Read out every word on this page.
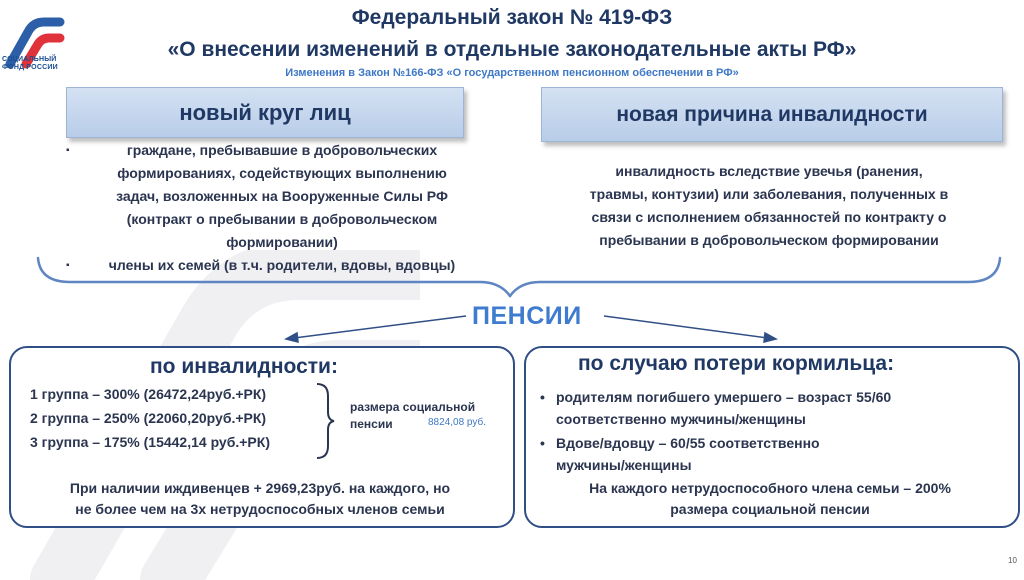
СОЦИАЛЬНЫЙ
ФОНД РОССИИ
Федеральный закон № 419-ФЗ
«О внесении изменений в отдельные законодательные акты РФ»
Изменения в Закон №166-ФЗ «О государственном пенсионном обеспечении в РФ»
новый круг лиц	новая причина инвалидности
▪	граждане, пребывавшие в добровольческих
формированиях, содействующих выполнению
задач, возложенных на Вооруженные Силы РФ
(контракт о пребывании в добровольческом
формировании)
▪	члены их семей (в т.ч. родители, вдовы, вдовцы)
инвалидность вследствие увечья (ранения,
травмы, контузии) или заболевания, полученных в
связи с исполнением обязанностей по контракту о
пребывании в добровольческом формировании
ПЕНСИИ
по инвалидности:
1 группа – 300% (26472,24руб.+РК)
2 группа – 250% (22060,20руб.+РК)
3 группа – 175% (15442,14 руб.+РК)
размера социальной
пенсии	8824,08 руб.
При наличии иждивенцев + 2969,23руб. на каждого, но
не более чем на 3х нетрудоспособных членов семьи
по случаю потери кормильца:
• родителям погибшего умершего – возраст 55/60
соответственно мужчины/женщины
• Вдове/вдовцу – 60/55 соответственно
мужчины/женщины
На каждого нетрудоспособного члена семьи – 200%
размера социальной пенсии
10
